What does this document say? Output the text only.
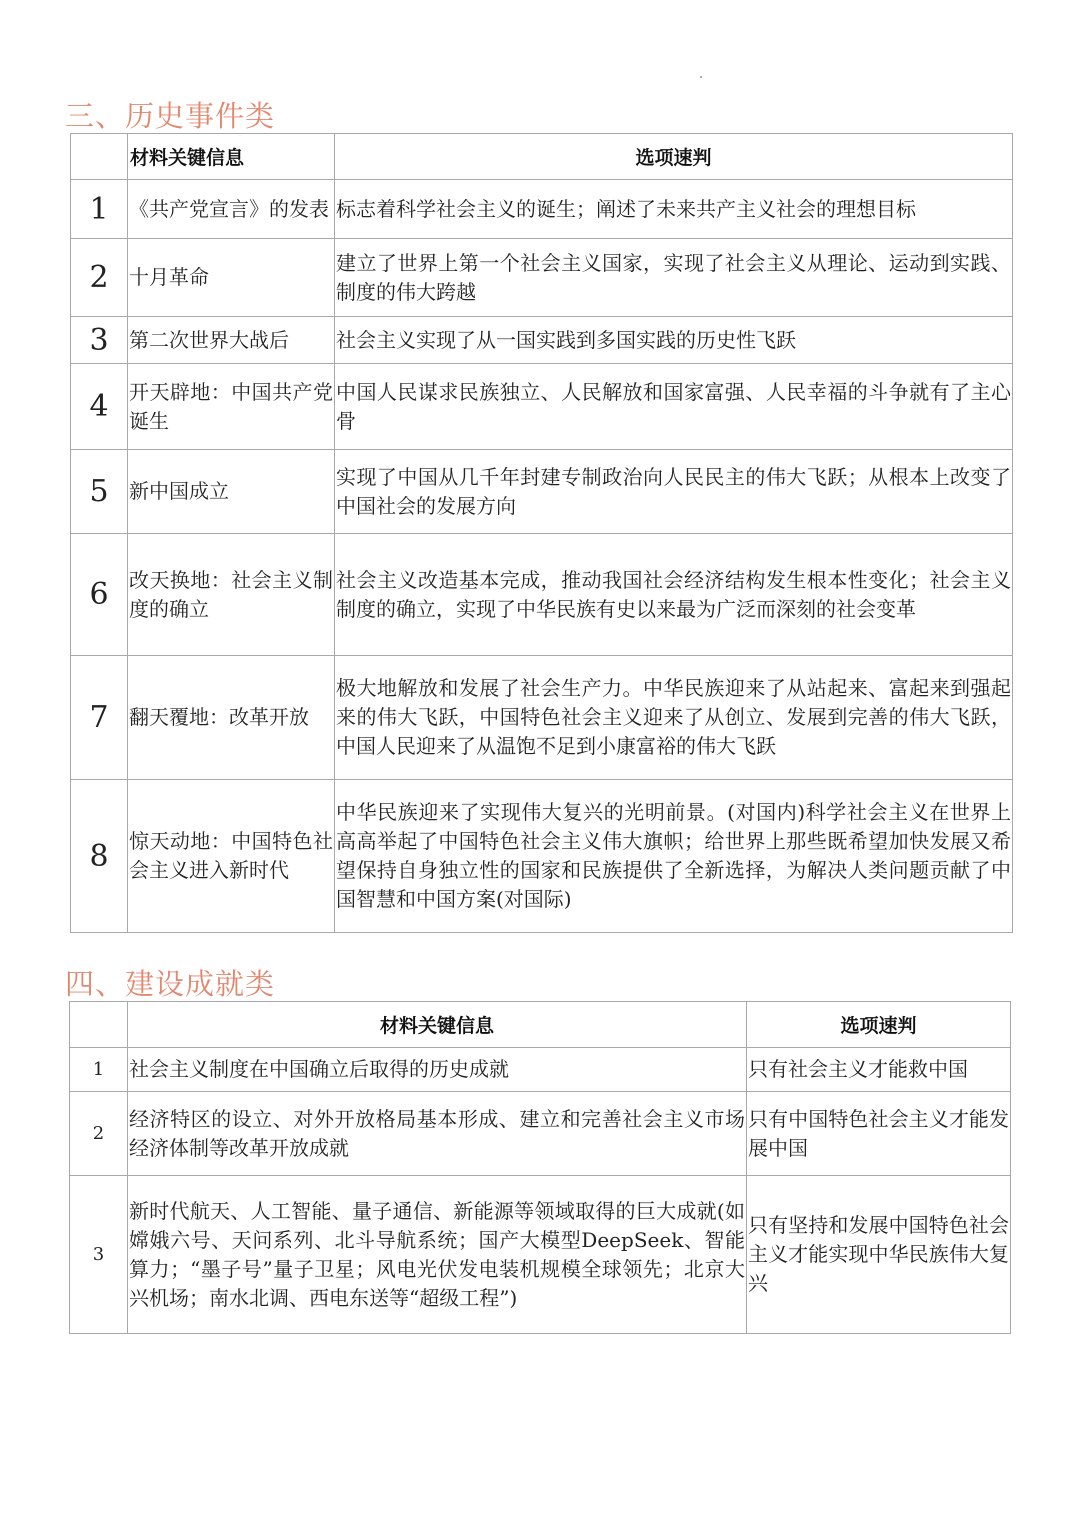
三、历史事件类
	材料关键信息	选项速判
1	《共产党宣言》的发表	标志着科学社会主义的诞生；阐述了未来共产主义社会的理想目标
2	十月革命	建立了世界上第一个社会主义国家，实现了社会主义从理论、运动到实践、制度的伟大跨越
3	第二次世界大战后	社会主义实现了从一国实践到多国实践的历史性飞跃
4	开天辟地：中国共产党诞生	中国人民谋求民族独立、人民解放和国家富强、人民幸福的斗争就有了主心骨
5	新中国成立	实现了中国从几千年封建专制政治向人民民主的伟大飞跃；从根本上改变了中国社会的发展方向
6	改天换地：社会主义制度的确立	社会主义改造基本完成，推动我国社会经济结构发生根本性变化；社会主义制度的确立，实现了中华民族有史以来最为广泛而深刻的社会变革
7	翻天覆地：改革开放	极大地解放和发展了社会生产力。中华民族迎来了从站起来、富起来到强起来的伟大飞跃，中国特色社会主义迎来了从创立、发展到完善的伟大飞跃，中国人民迎来了从温饱不足到小康富裕的伟大飞跃
8	惊天动地：中国特色社会主义进入新时代	中华民族迎来了实现伟大复兴的光明前景。(对国内)科学社会主义在世界上高高举起了中国特色社会主义伟大旗帜；给世界上那些既希望加快发展又希望保持自身独立性的国家和民族提供了全新选择，为解决人类问题贡献了中国智慧和中国方案(对国际)
四、建设成就类
	材料关键信息	选项速判
1	社会主义制度在中国确立后取得的历史成就	只有社会主义才能救中国
2	经济特区的设立、对外开放格局基本形成、建立和完善社会主义市场经济体制等改革开放成就	只有中国特色社会主义才能发展中国
3	新时代航天、人工智能、量子通信、新能源等领域取得的巨大成就(如嫦娥六号、天问系列、北斗导航系统；国产大模型DeepSeek、智能算力；“墨子号”量子卫星；风电光伏发电装机规模全球领先；北京大兴机场；南水北调、西电东送等“超级工程”)	只有坚持和发展中国特色社会主义才能实现中华民族伟大复兴
